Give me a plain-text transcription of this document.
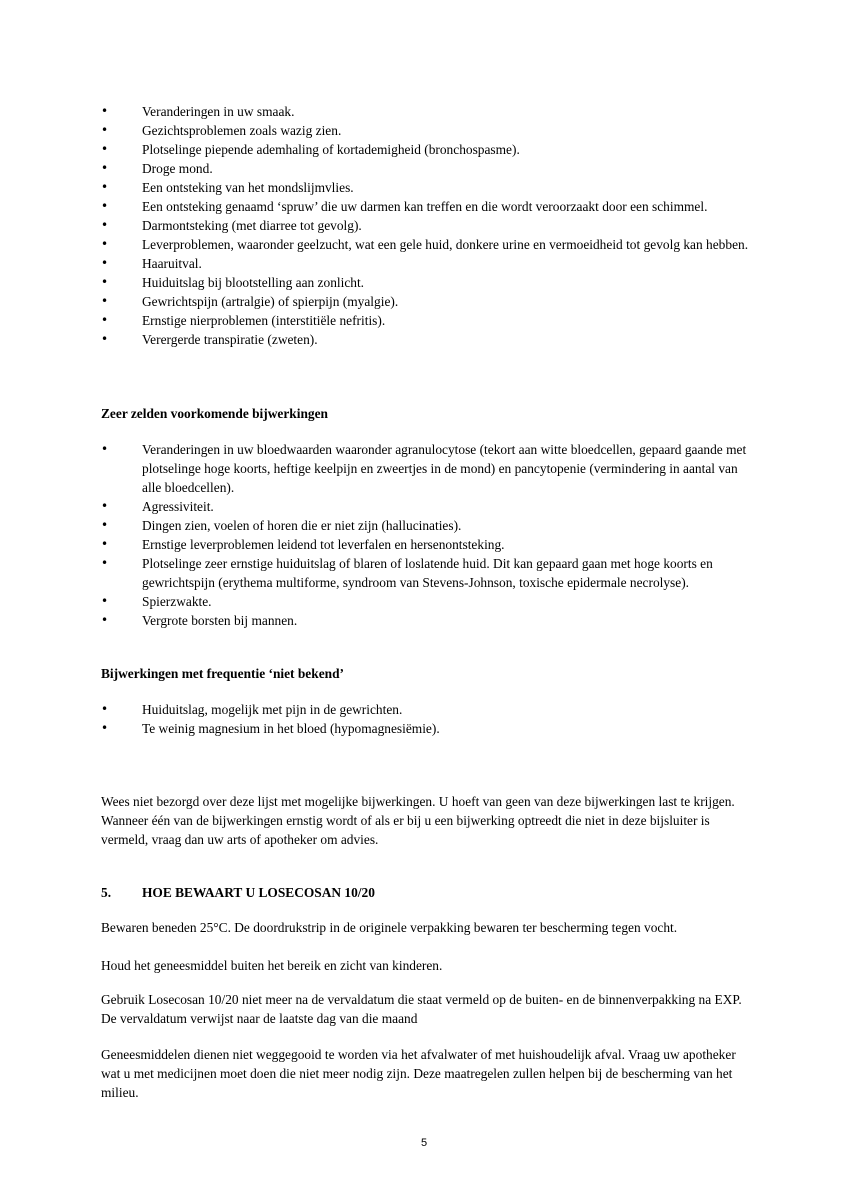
• Veranderingen in uw smaak.
• Gezichtsproblemen zoals wazig zien.
• Plotselinge piepende ademhaling of kortademigheid (bronchospasme).
• Droge mond.
• Een ontsteking van het mondslijmvlies.
• Een ontsteking genaamd ‘spruw’ die uw darmen kan treffen en die wordt veroorzaakt door een schimmel.
• Darmontsteking (met diarree tot gevolg).
• Leverproblemen, waaronder geelzucht, wat een gele huid, donkere urine en vermoeidheid tot gevolg kan hebben.
• Haaruitval.
• Huiduitslag bij blootstelling aan zonlicht.
• Gewrichtspijn (artralgie) of spierpijn (myalgie).
• Ernstige nierproblemen (interstitiële nefritis).
• Verergerde transpiratie (zweten).

Zeer zelden voorkomende bijwerkingen

• Veranderingen in uw bloedwaarden waaronder agranulocytose (tekort aan witte bloedcellen, gepaard gaande met plotselinge hoge koorts, heftige keelpijn en zweertjes in de mond) en pancytopenie (vermindering in aantal van alle bloedcellen).
• Agressiviteit.
• Dingen zien, voelen of horen die er niet zijn (hallucinaties).
• Ernstige leverproblemen leidend tot leverfalen en hersenontsteking.
• Plotselinge zeer ernstige huiduitslag of blaren of loslatende huid. Dit kan gepaard gaan met hoge koorts en gewrichtspijn (erythema multiforme, syndroom van Stevens-Johnson, toxische epidermale necrolyse).
• Spierzwakte.
• Vergrote borsten bij mannen.

Bijwerkingen met frequentie ‘niet bekend’

• Huiduitslag, mogelijk met pijn in de gewrichten.
• Te weinig magnesium in het bloed (hypomagnesiëmie).

Wees niet bezorgd over deze lijst met mogelijke bijwerkingen. U hoeft van geen van deze bijwerkingen last te krijgen. Wanneer één van de bijwerkingen ernstig wordt of als er bij u een bijwerking optreedt die niet in deze bijsluiter is vermeld, vraag dan uw arts of apotheker om advies.

5. HOE BEWAART U LOSECOSAN 10/20

Bewaren beneden 25°C. De doordrukstrip in de originele verpakking bewaren ter bescherming tegen vocht.

Houd het geneesmiddel buiten het bereik en zicht van kinderen.

Gebruik Losecosan 10/20 niet meer na de vervaldatum die staat vermeld op de buiten- en de binnenverpakking na EXP. De vervaldatum verwijst naar de laatste dag van die maand

Geneesmiddelen dienen niet weggegooid te worden via het afvalwater of met huishoudelijk afval. Vraag uw apotheker wat u met medicijnen moet doen die niet meer nodig zijn. Deze maatregelen zullen helpen bij de bescherming van het milieu.

5
